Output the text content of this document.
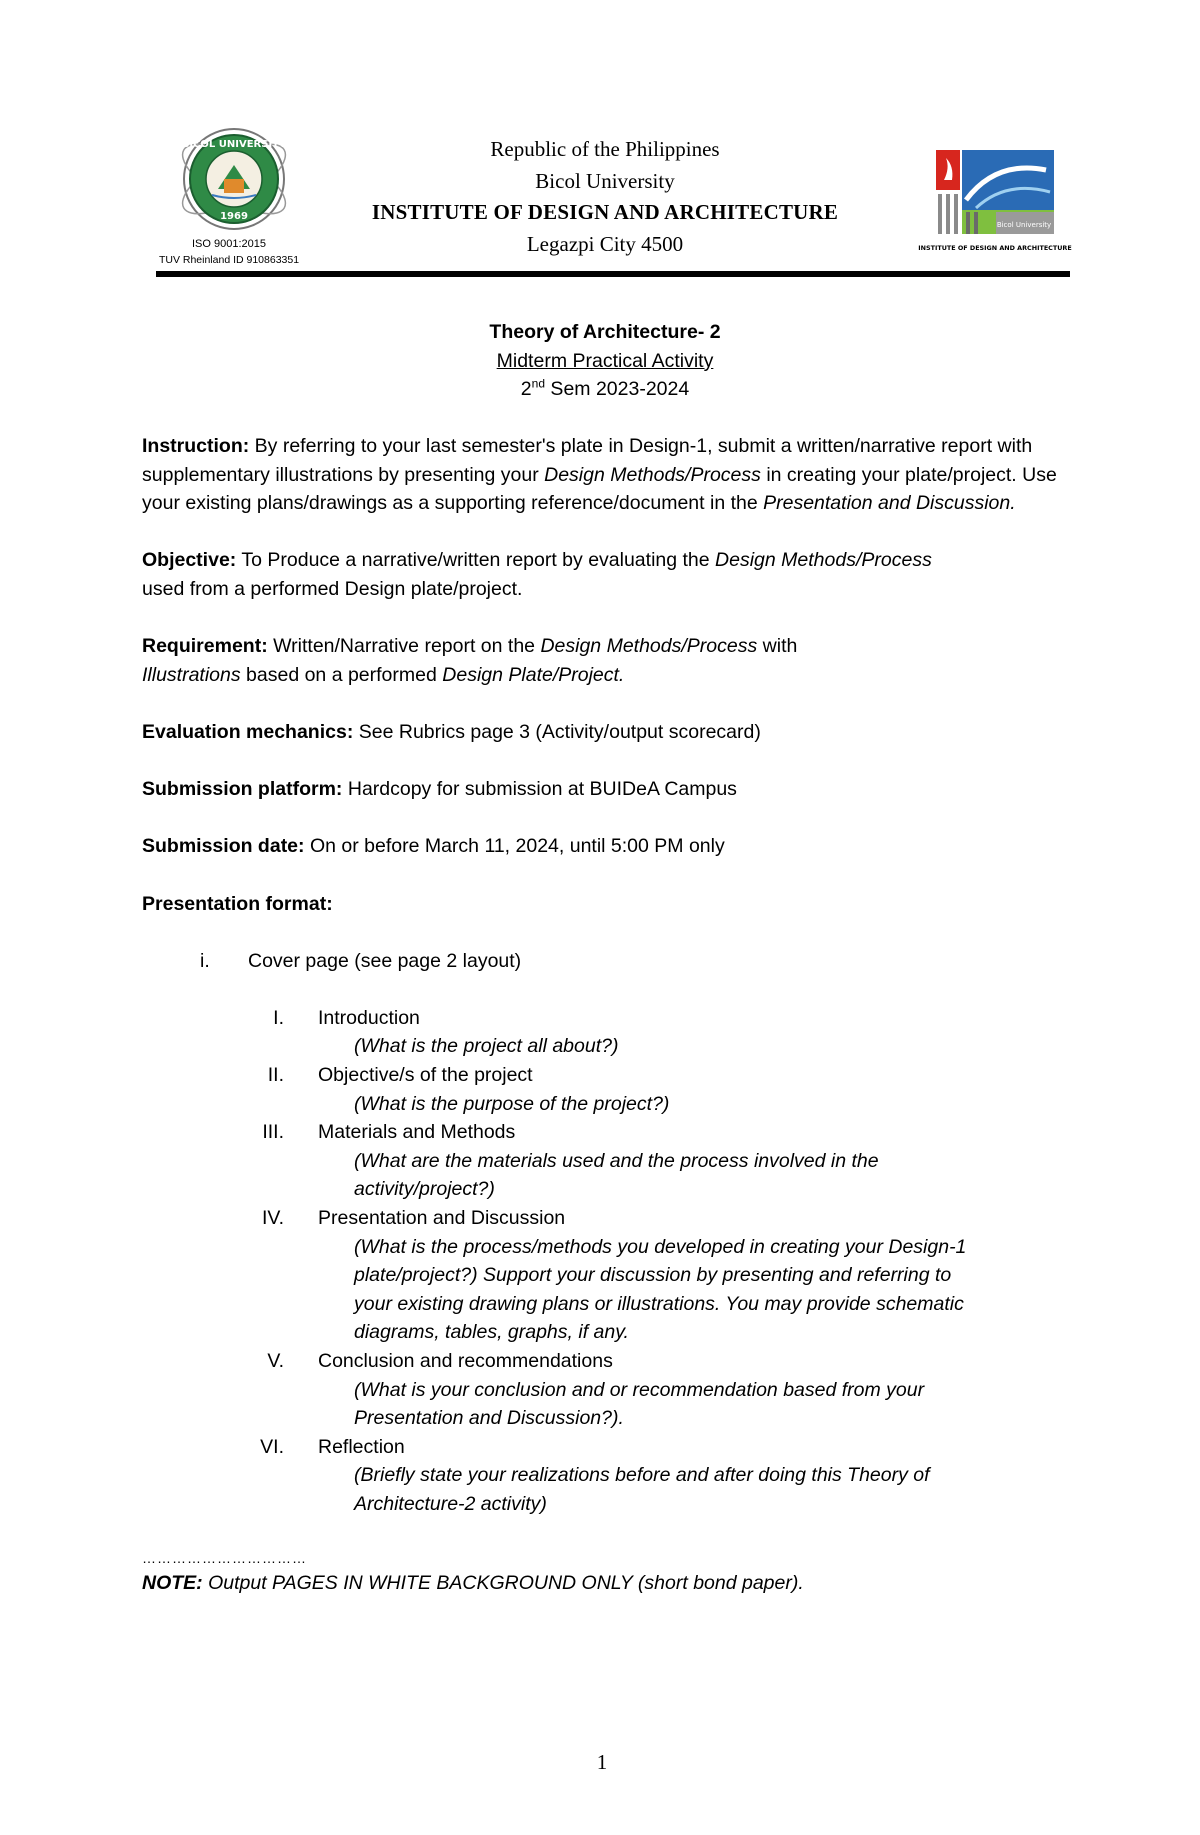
BICOL UNIVERSITY
1969
ISO 9001:2015
TUV Rheinland ID 910863351
Republic of the Philippines
Bicol University
INSTITUTE OF DESIGN AND ARCHITECTURE
Legazpi City 4500
Bicol University
INSTITUTE OF DESIGN AND ARCHITECTURE
Theory of Architecture- 2
Midterm Practical Activity
2nd Sem 2023-2024

Instruction: By referring to your last semester's plate in Design-1, submit a written/narrative report with supplementary illustrations by presenting your Design Methods/Process in creating your plate/project. Use your existing plans/drawings as a supporting reference/document in the Presentation and Discussion.

Objective: To Produce a narrative/written report by evaluating the Design Methods/Process
used from a performed Design plate/project.

Requirement: Written/Narrative report on the Design Methods/Process with
Illustrations based on a performed Design Plate/Project.

Evaluation mechanics: See Rubrics page 3 (Activity/output scorecard)

Submission platform: Hardcopy for submission at BUIDeA Campus

Submission date: On or before March 11, 2024, until 5:00 PM only

Presentation format:

i. Cover page (see page 2 layout)
I. Introduction
(What is the project all about?)
II. Objective/s of the project
(What is the purpose of the project?)
III. Materials and Methods
(What are the materials used and the process involved in the
activity/project?)
IV. Presentation and Discussion
(What is the process/methods you developed in creating your Design-1
plate/project?) Support your discussion by presenting and referring to
your existing drawing plans or illustrations. You may provide schematic
diagrams, tables, graphs, if any.
V. Conclusion and recommendations
(What is your conclusion and or recommendation based from your
Presentation and Discussion?).
VI. Reflection
(Briefly state your realizations before and after doing this Theory of
Architecture-2 activity)
……………………………
NOTE: Output PAGES IN WHITE BACKGROUND ONLY (short bond paper).
1
